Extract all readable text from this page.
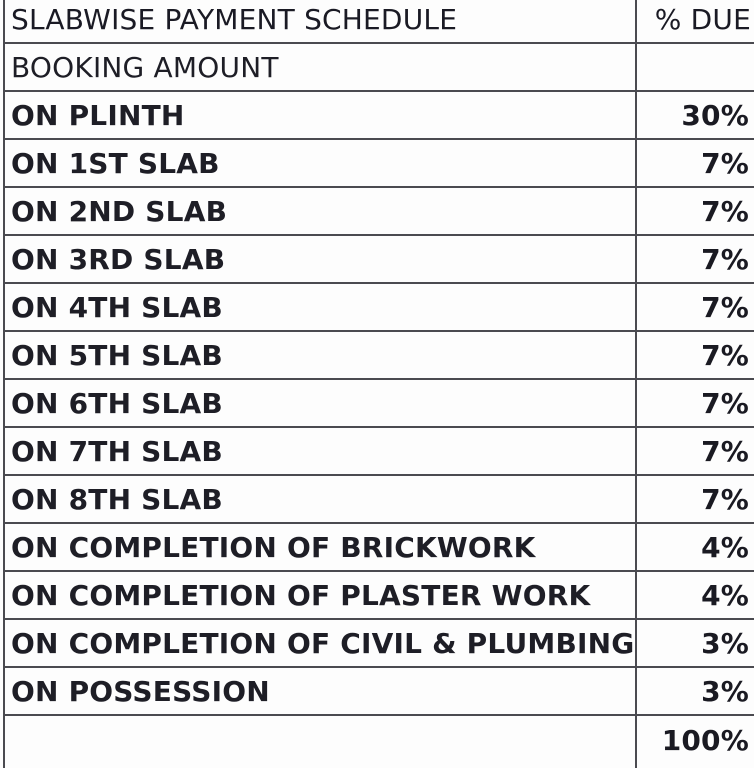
SLABWISE PAYMENT SCHEDULE	% DUE
BOOKING AMOUNT	
ON PLINTH	30%
ON 1ST SLAB	7%
ON 2ND SLAB	7%
ON 3RD SLAB	7%
ON 4TH SLAB	7%
ON 5TH SLAB	7%
ON 6TH SLAB	7%
ON 7TH SLAB	7%
ON 8TH SLAB	7%
ON COMPLETION OF BRICKWORK	4%
ON COMPLETION OF PLASTER WORK	4%
ON COMPLETION OF CIVIL & PLUMBING	3%
ON POSSESSION	3%
	100%
